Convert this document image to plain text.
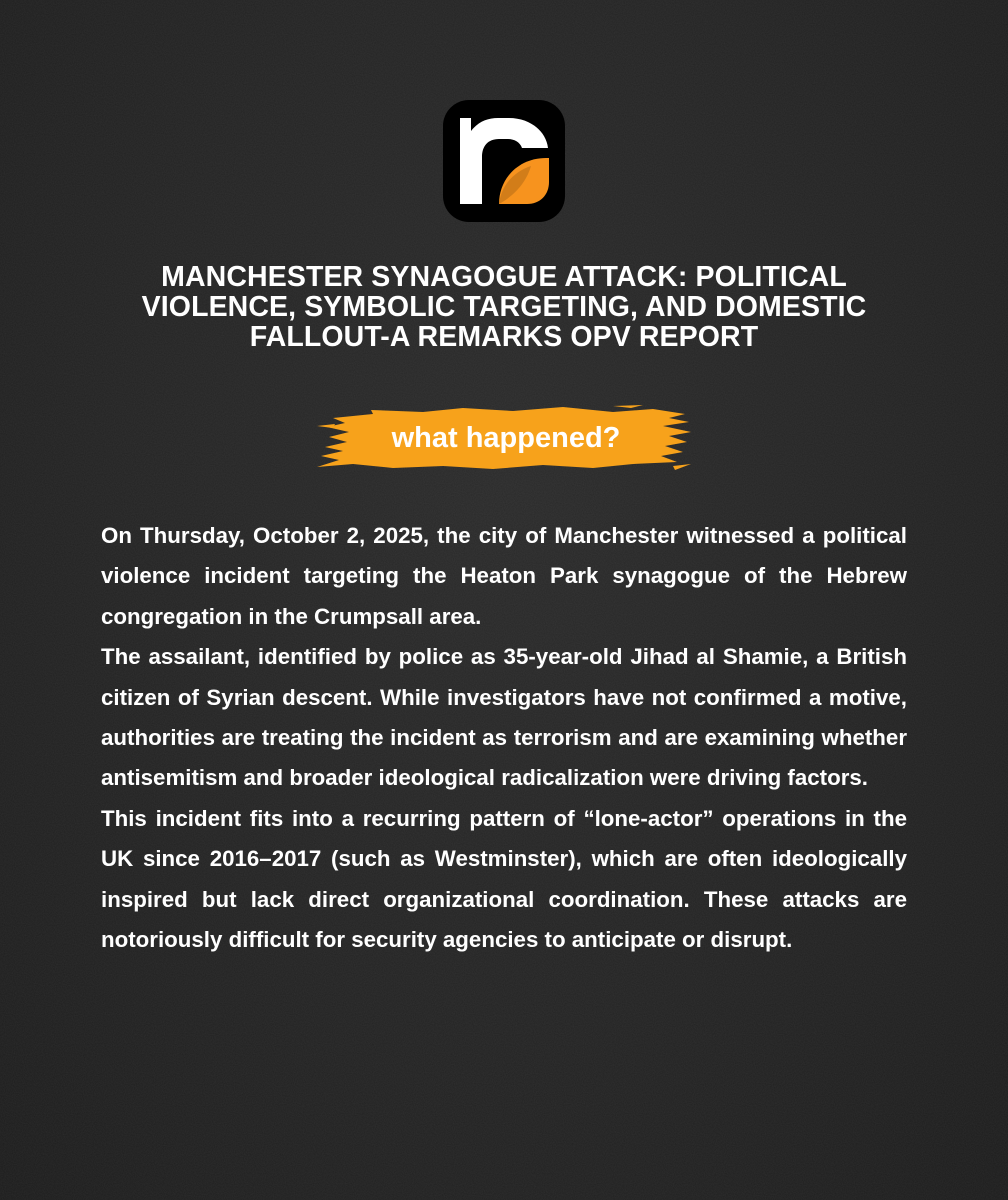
MANCHESTER SYNAGOGUE ATTACK: POLITICAL
VIOLENCE, SYMBOLIC TARGETING, AND DOMESTIC
FALLOUT-A REMARKS OPV REPORT
what happened?

On Thursday, October 2, 2025, the city of Manchester witnessed a political violence incident targeting the Heaton Park synagogue of the Hebrew congregation in the Crumpsall area.

The assailant, identified by police as 35-year-old Jihad al Shamie, a British citizen of Syrian descent. While investigators have not confirmed a motive, authorities are treating the incident as terrorism and are examining whether antisemitism and broader ideological radicalization were driving factors.

This incident fits into a recurring pattern of “lone-actor” operations in the UK since 2016–2017 (such as Westminster), which are often ideologically inspired but lack direct organizational coordination. These attacks are notoriously difficult for security agencies to anticipate or disrupt.
